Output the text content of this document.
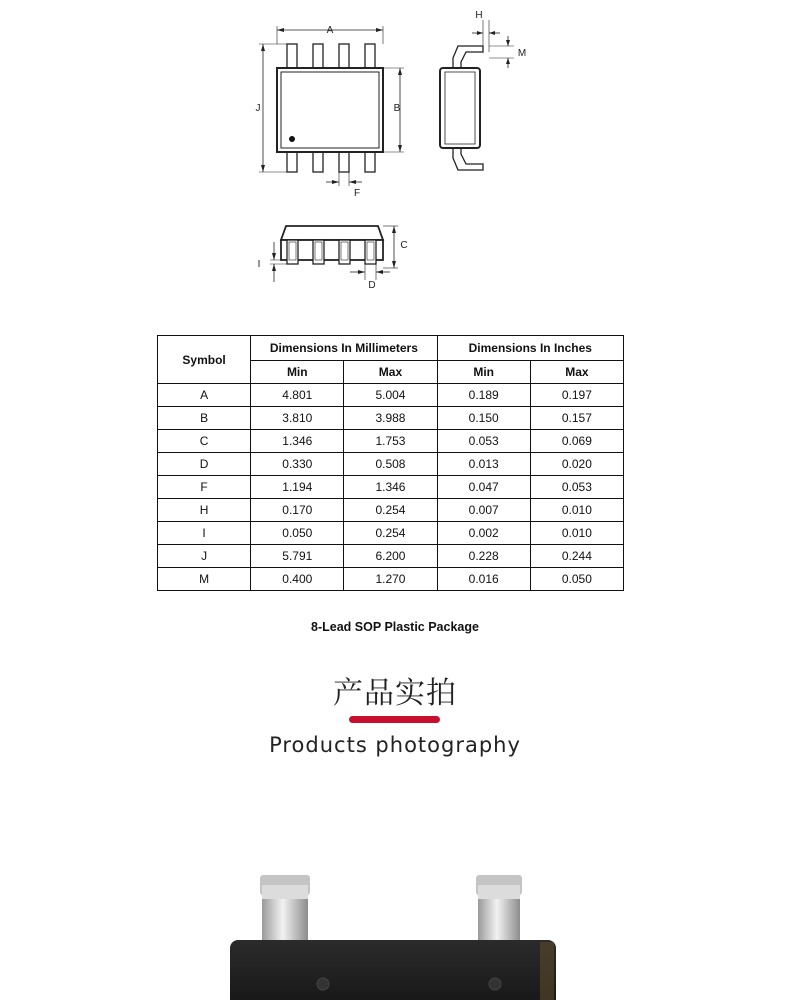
A
J	B
F
H
M
C
D
I
Symbol	Dimensions In Millimeters		Dimensions In Inches	
	Min	Max	Min	Max
A	4.801	5.004	0.189	0.197
B	3.810	3.988	0.150	0.157
C	1.346	1.753	0.053	0.069
D	0.330	0.508	0.013	0.020
F	1.194	1.346	0.047	0.053
H	0.170	0.254	0.007	0.010
I	0.050	0.254	0.002	0.010
J	5.791	6.200	0.228	0.244
M	0.400	1.270	0.016	0.050
8-Lead SOP Plastic Package
产品实拍
Products photography
